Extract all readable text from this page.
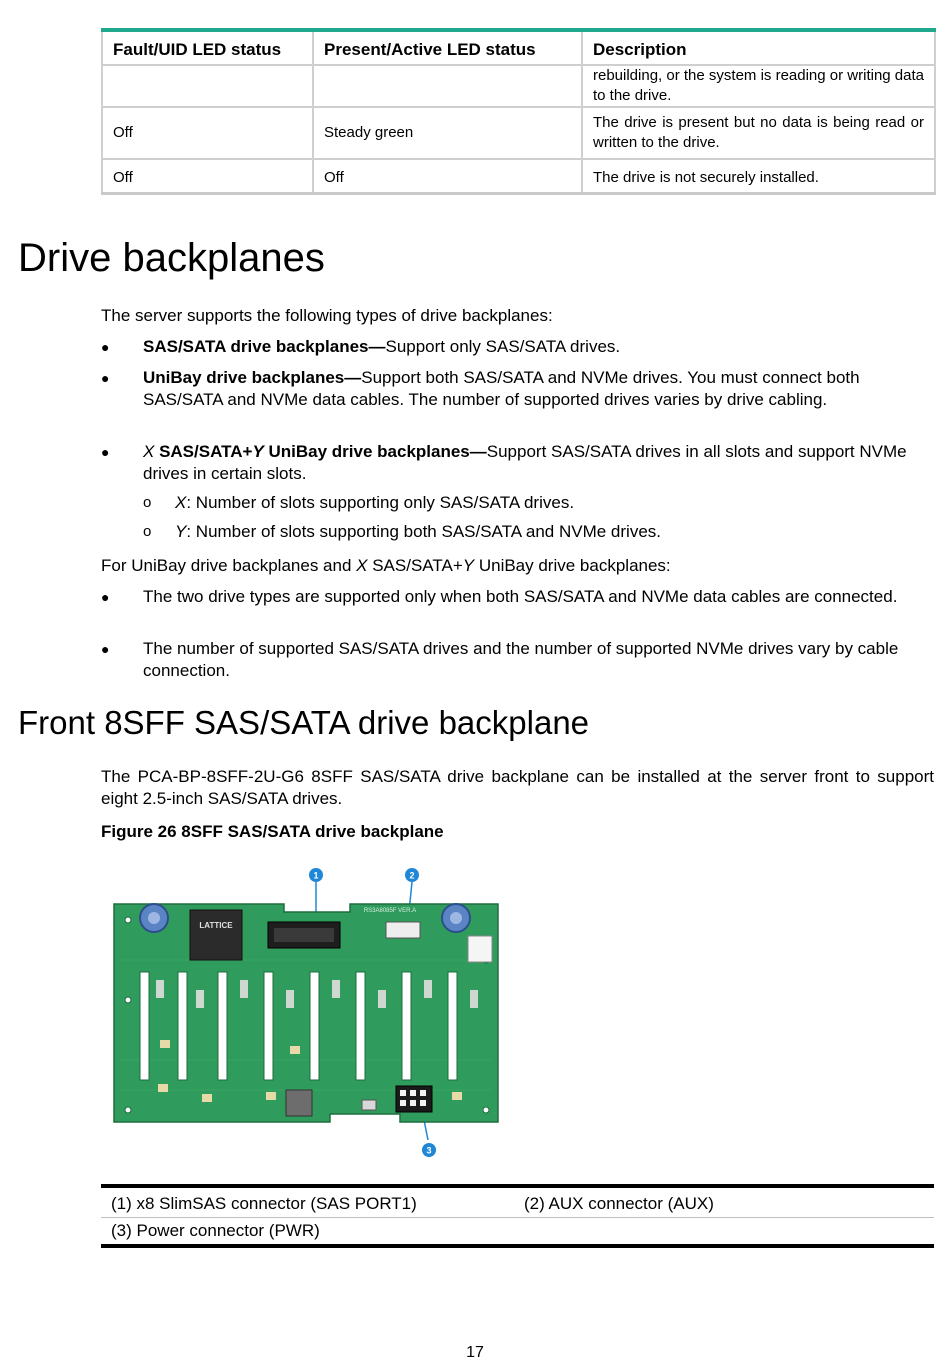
Fault/UID LED status	Present/Active LED status	Description
		rebuilding, or the system is reading or writing data to the drive.
Off	Steady green	The drive is present but no data is being read or written to the drive.
Off	Off	The drive is not securely installed.
Drive backplanes

The server supports the following types of drive backplanes:

● SAS/SATA drive backplanes—Support only SAS/SATA drives.
● UniBay drive backplanes—Support both SAS/SATA and NVMe drives. You must connect both SAS/SATA and NVMe data cables. The number of supported drives varies by drive cabling.
● X SAS/SATA+Y UniBay drive backplanes—Support SAS/SATA drives in all slots and support NVMe drives in certain slots.
o X: Number of slots supporting only SAS/SATA drives.
o Y: Number of slots supporting both SAS/SATA and NVMe drives.

For UniBay drive backplanes and X SAS/SATA+Y UniBay drive backplanes:

● The two drive types are supported only when both SAS/SATA and NVMe data cables are connected.
● The number of supported SAS/SATA drives and the number of supported NVMe drives vary by cable connection.
Front 8SFF SAS/SATA drive backplane

The PCA-BP-8SFF-2U-G6 8SFF SAS/SATA drive backplane can be installed at the server front to support eight 2.5-inch SAS/SATA drives.

Figure 26 8SFF SAS/SATA drive backplane
LATTICE
RS3A8085F VER.A
1	2
3
(1) x8 SlimSAS connector (SAS PORT1)	(2) AUX connector (AUX)
(3) Power connector (PWR)	
17
